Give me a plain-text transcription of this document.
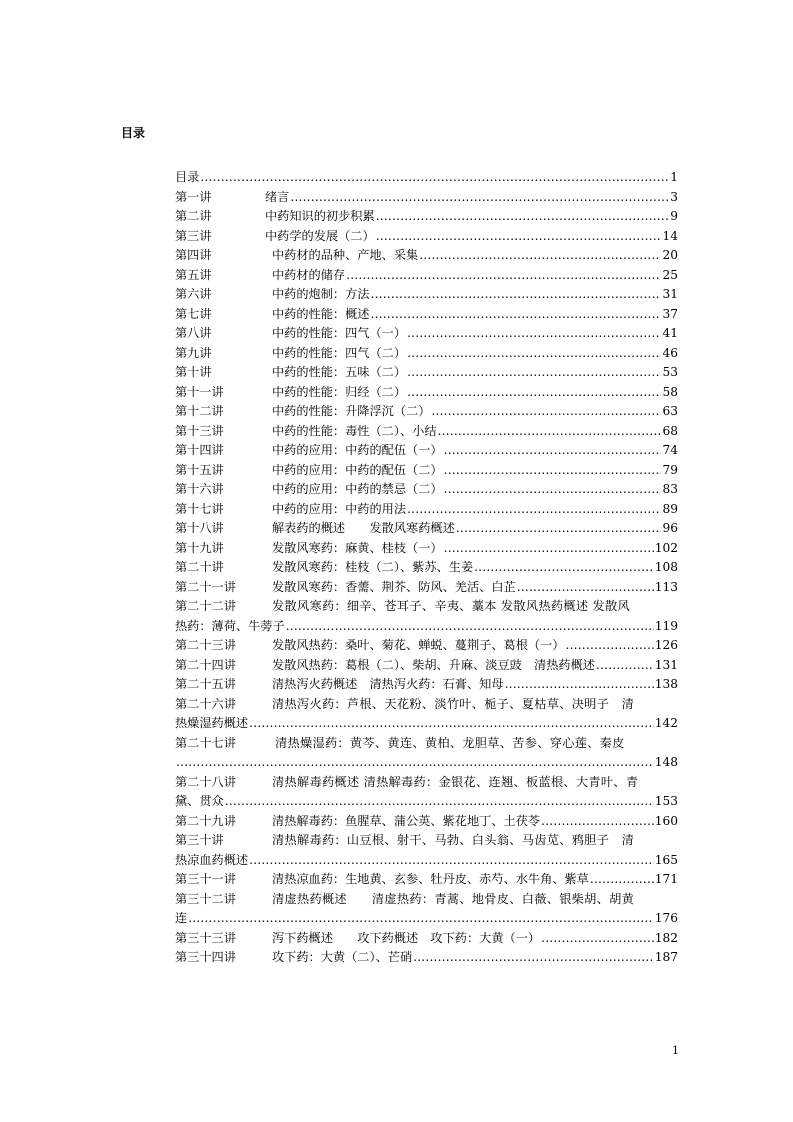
目录
目录 .....	1
第一讲	绪言 .....	3
第二讲	中药知识的初步积累 .....	9
第三讲	中药学的发展（二） .....	14
第四讲	中药材的品种、产地、采集 .....	20
第五讲	中药材的储存 .....	25
第六讲	中药的炮制：方法 .....	31
第七讲	中药的性能：概述 .....	37
第八讲	中药的性能：四气（一） .....	41
第九讲	中药的性能：四气（二） .....	46
第十讲	中药的性能：五味（二） .....	53
第十一讲	中药的性能：归经（二） .....	58
第十二讲	中药的性能：升降浮沉（二） .....	63
第十三讲	中药的性能：毒性（二）、小结 .....	68
第十四讲	中药的应用：中药的配伍（一） .....	74
第十五讲	中药的应用：中药的配伍（二） .....	79
第十六讲	中药的应用：中药的禁忌（二） .....	83
第十七讲	中药的应用：中药的用法 .....	89
第十八讲	解表药的概述　　发散风寒药概述 .....	96
第十九讲	发散风寒药：麻黄、桂枝（一） .....	102
第二十讲	发散风寒药：桂枝（二）、紫苏、生姜 .....	108
第二十一讲	发散风寒药：香薷、荆芥、防风、羌活、白芷 .....	113
第二十二讲	发散风寒药：细辛、苍耳子、辛夷、藁本 发散风热药概述 发散风
热药：薄荷、牛蒡子 .....	119
第二十三讲	发散风热药：桑叶、菊花、蝉蜕、蔓荆子、葛根（一） .....	126
第二十四讲	发散风热药：葛根（二）、柴胡、升麻、淡豆豉　清热药概述 .....	131
第二十五讲	清热泻火药概述　清热泻火药：石膏、知母 .....	138
第二十六讲	清热泻火药：芦根、天花粉、淡竹叶、栀子、夏枯草、决明子　清
热燥湿药概述 .....	142
第二十七讲	清热燥湿药：黄芩、黄连、黄柏、龙胆草、苦参、穿心莲、秦皮
.....
148
第二十八讲	清热解毒药概述 清热解毒药：金银花、连翘、板蓝根、大青叶、青
黛、贯众 .....	153
第二十九讲	清热解毒药：鱼腥草、蒲公英、紫花地丁、土茯苓 .....	160
第三十讲	清热解毒药：山豆根、射干、马勃、白头翁、马齿苋、鸦胆子　清
热凉血药概述 .....	165
第三十一讲	清热凉血药：生地黄、玄参、牡丹皮、赤芍、水牛角、紫草 .....	171
第三十二讲	清虚热药概述　　清虚热药：青蒿、地骨皮、白薇、银柴胡、胡黄
连 .....	176
第三十三讲	泻下药概述　　攻下药概述　攻下药：大黄（一） .....	182
第三十四讲	攻下药：大黄（二）、芒硝 .....	187
1
